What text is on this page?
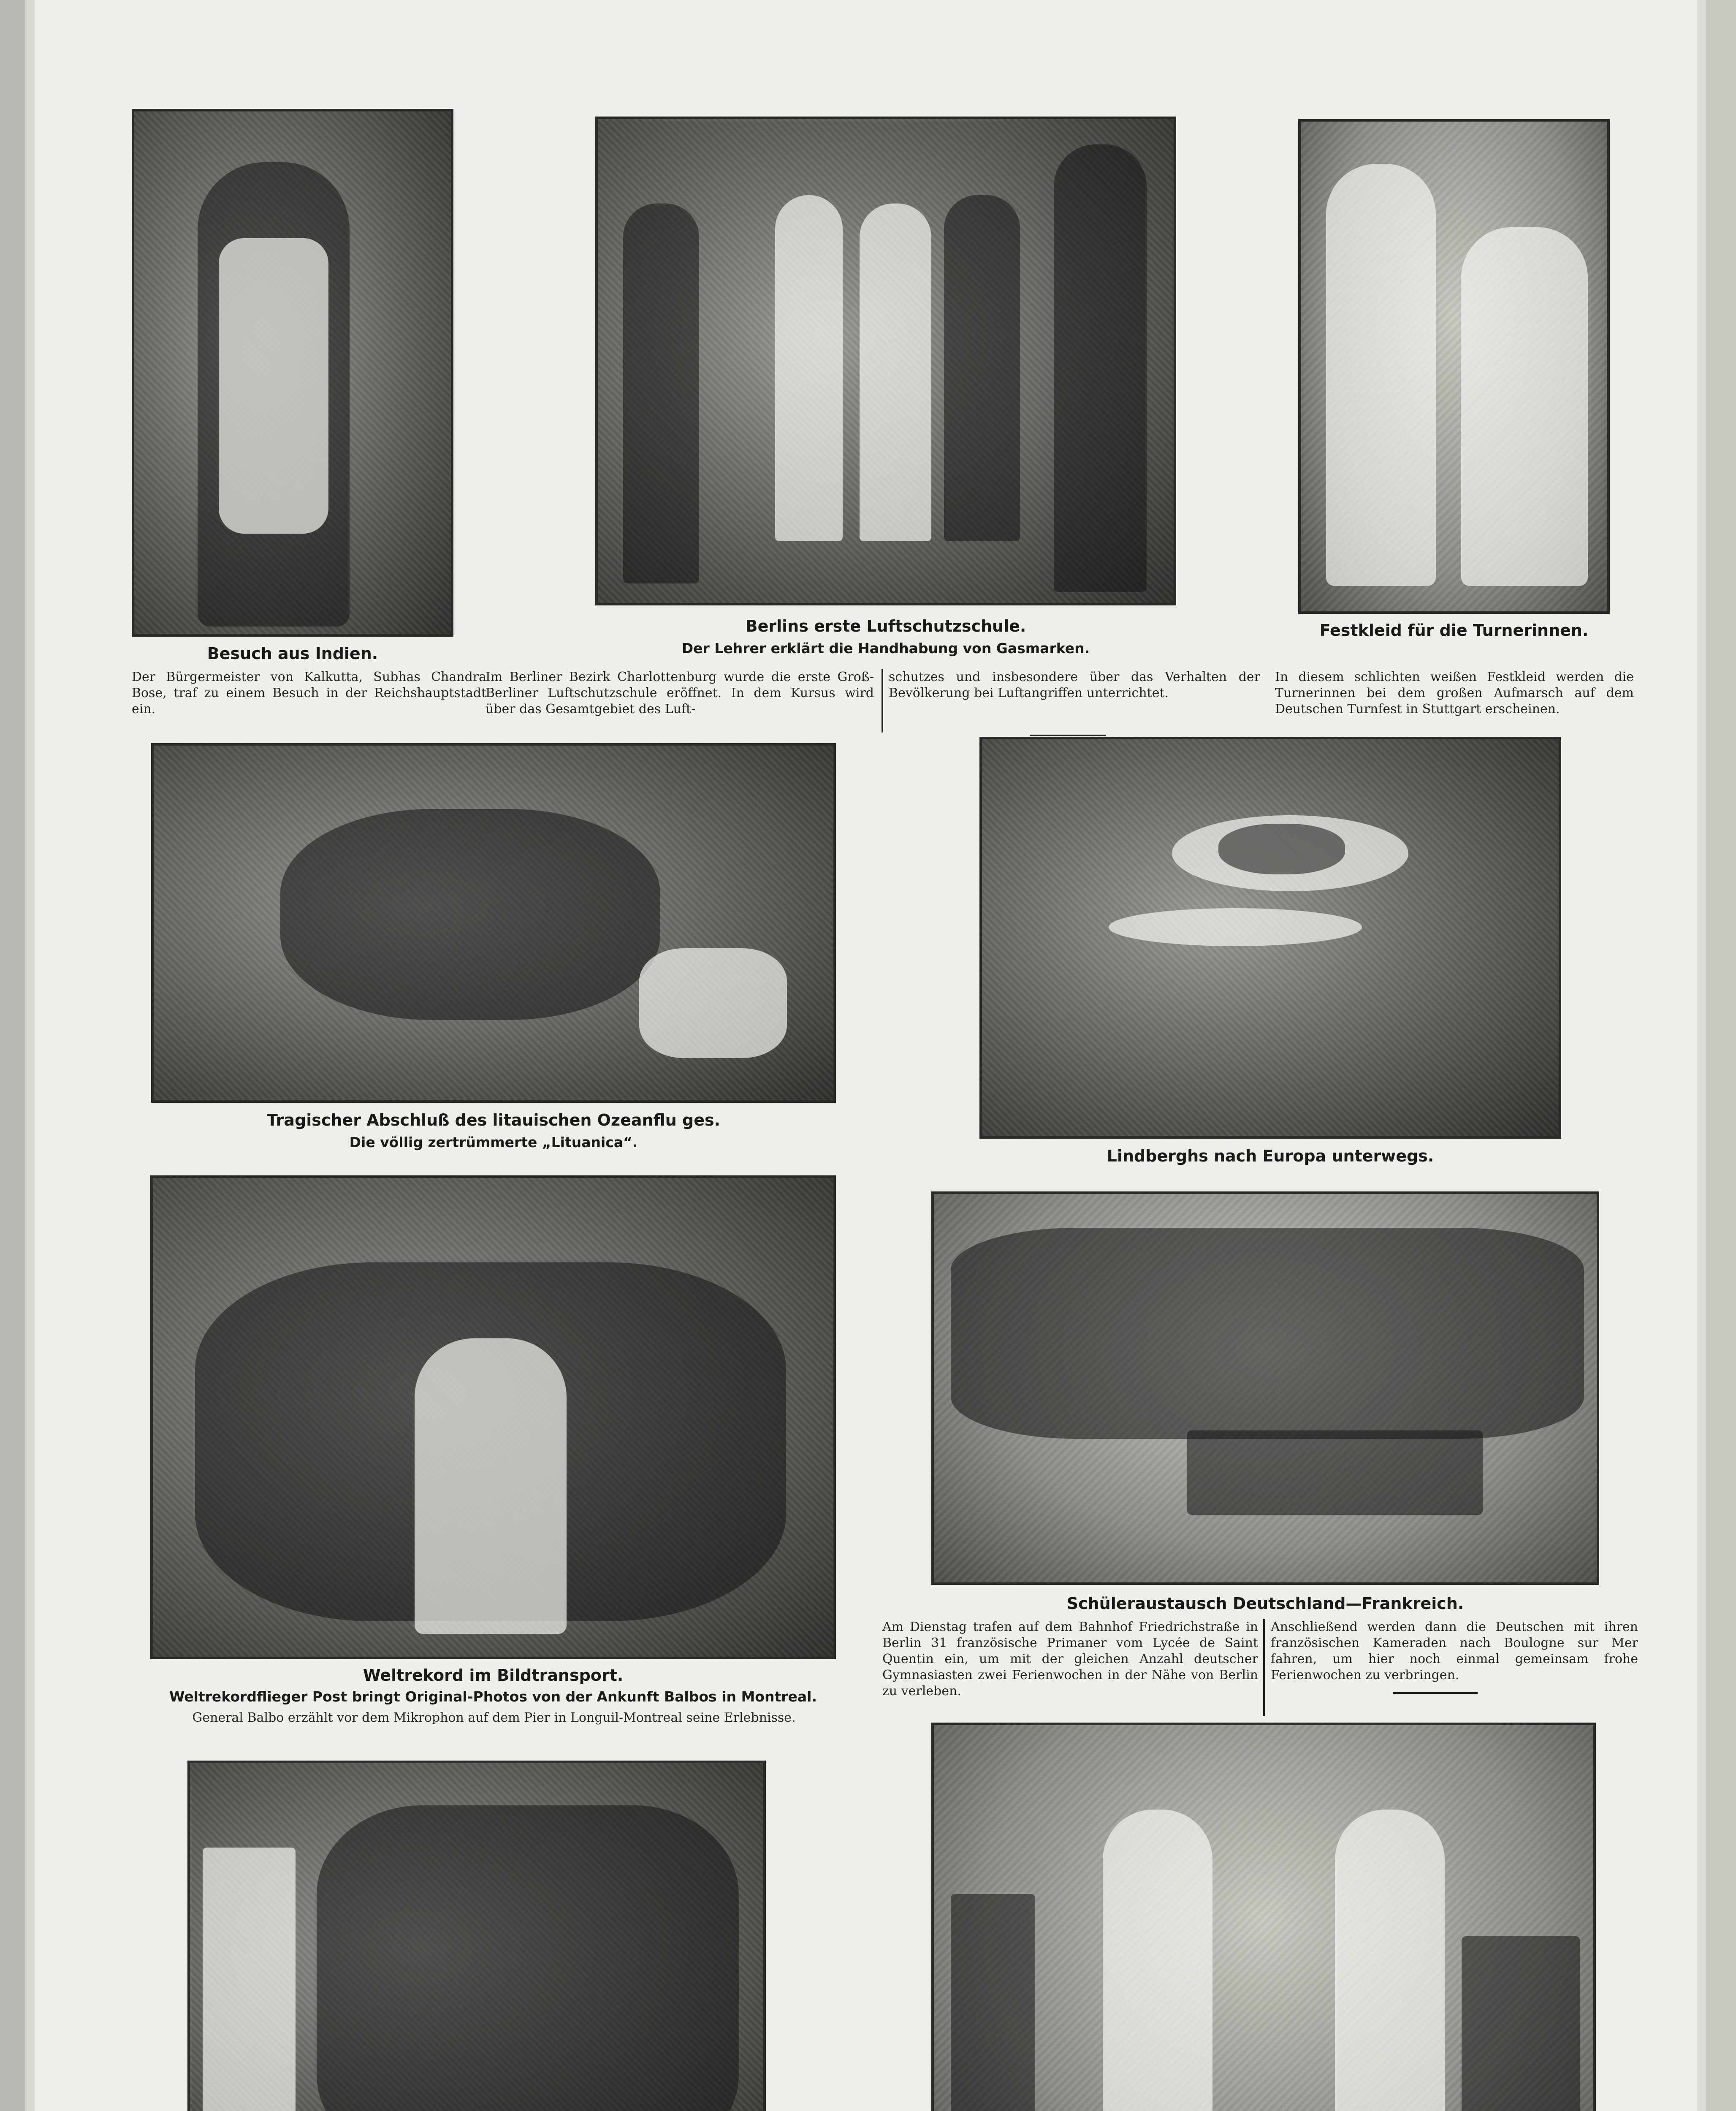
Besuch aus Indien.
Der Bürgermeister von Kalkutta, Subhas Chandra Bose, traf zu einem Besuch in der Reichshauptstadt ein.
Berlins erste Luftschutzschule.
Der Lehrer erklärt die Handhabung von Gasmarken.
Im Berliner Bezirk Charlottenburg wurde die erste Groß-Berliner Luftschutzschule eröffnet. In dem Kursus wird über das Gesamtgebiet des Luft-
schutzes und insbesondere über das Verhalten der Bevölkerung bei Luftangriffen unterrichtet.
Festkleid für die Turnerinnen.
In diesem schlichten weißen Festkleid werden die Turnerinnen bei dem großen Aufmarsch auf dem Deutschen Turnfest in Stuttgart erscheinen.
Tragischer Abschluß des litauischen Ozeanflu ges.
Die völlig zertrümmerte „Lituanica“.
Lindberghs nach Europa unterwegs.
Weltrekord im Bildtransport.
Weltrekordflieger Post bringt Original-Photos von der Ankunft Balbos in Montreal.
General Balbo erzählt vor dem Mikrophon auf dem Pier in Longuil-Montreal seine Erlebnisse.
Schüleraustausch Deutschland—Frankreich.
Am Dienstag trafen auf dem Bahnhof Friedrichstraße in Berlin 31 französische Primaner vom Lycée de Saint Quentin ein, um mit der gleichen Anzahl deutscher Gymnasiasten zwei Ferienwochen in der Nähe von Berlin zu verleben.
Anschließend werden dann die Deutschen mit ihren französischen Kameraden nach Boulogne sur Mer fahren, um hier noch einmal gemeinsam frohe Ferienwochen zu verbringen.
